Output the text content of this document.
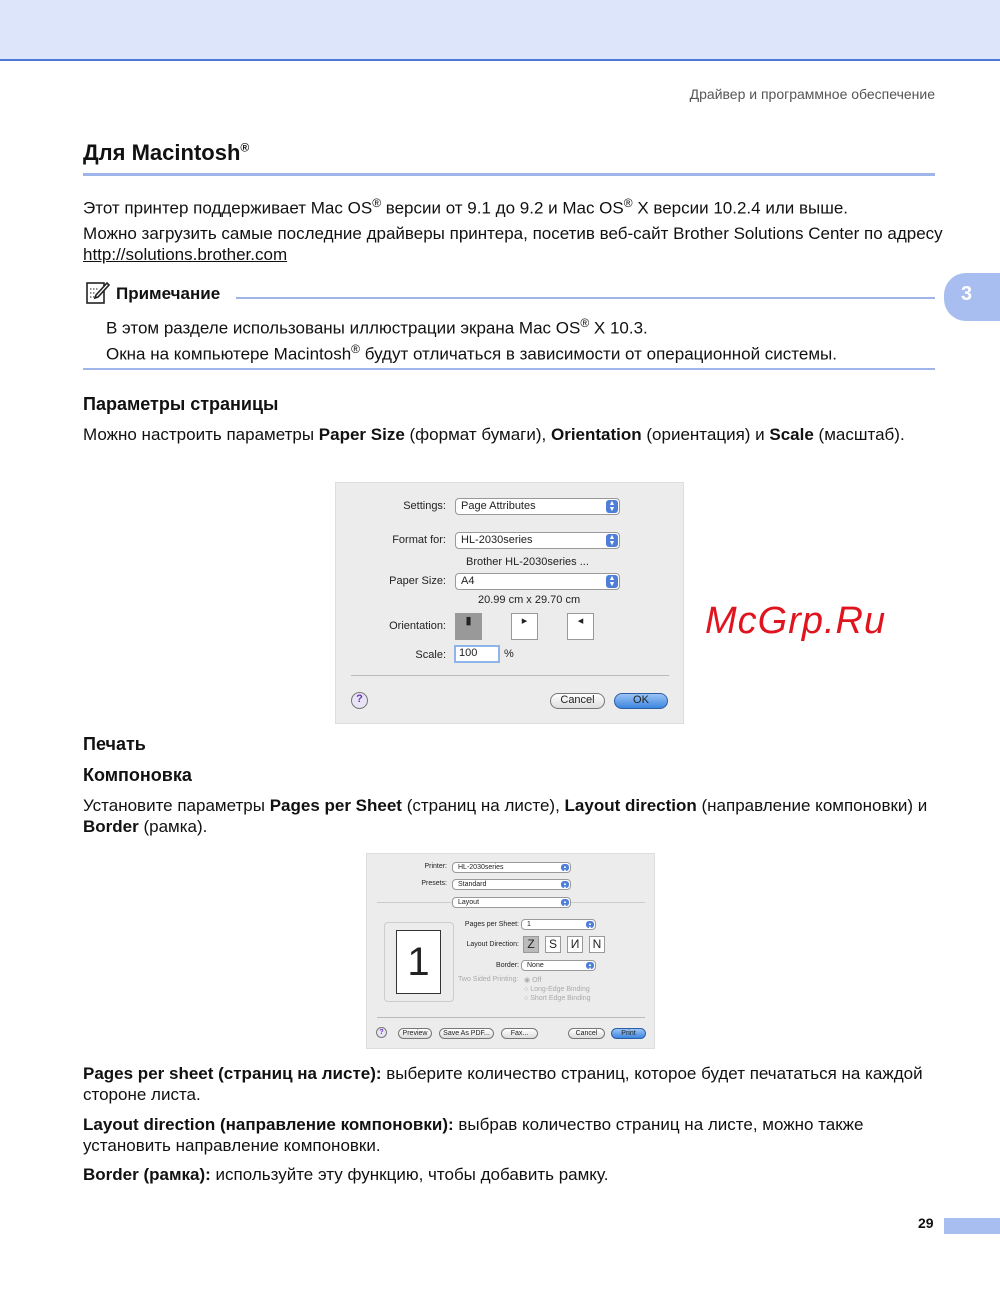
Драйвер и программное обеспечение
Для Macintosh®
Этот принтер поддерживает Mac OS® версии от 9.1 до 9.2 и Mac OS® X версии 10.2.4 или выше.
Можно загрузить самые последние драйверы принтера, посетив веб-сайт Brother Solutions Center по адресу http://solutions.brother.com
3
Примечание
В этом разделе использованы иллюстрации экрана Mac OS® X 10.3.
Окна на компьютере Macintosh® будут отличаться в зависимости от операционной системы.
Параметры страницы
Можно настроить параметры Paper Size (формат бумаги), Orientation (ориентация) и Scale (масштаб).
Settings:	Page Attributes	▲
▼
Format for:	HL-2030series	▲
▼
Brother HL-2030series ...
Paper Size:	A4	▲
▼
20.99 cm x 29.70 cm
Orientation:	▮	▸	◂
Scale:	100	%
?	Cancel	OK
McGrp.Ru
Печать
Компоновка
Установите параметры Pages per Sheet (страниц на листе), Layout direction (направление компоновки) и Border (рамка).
Printer:	HL-2030series	▲
▼
Presets:	Standard	▲
▼
Layout	▲
▼
1
Pages per Sheet:	1	▲
▼
Layout Direction: Z	S	И	N
Border:	None	▲
▼
Two Sided Printing: ◉ Off
○ Long-Edge Binding
○ Short Edge Binding
?	Preview	Save As PDF...	Fax...	Cancel	Print
Pages per sheet (страниц на листе): выберите количество страниц, которое будет печататься на каждой стороне листа.
Layout direction (направление компоновки): выбрав количество страниц на листе, можно также установить направление компоновки.
Border (рамка): используйте эту функцию, чтобы добавить рамку.
29
